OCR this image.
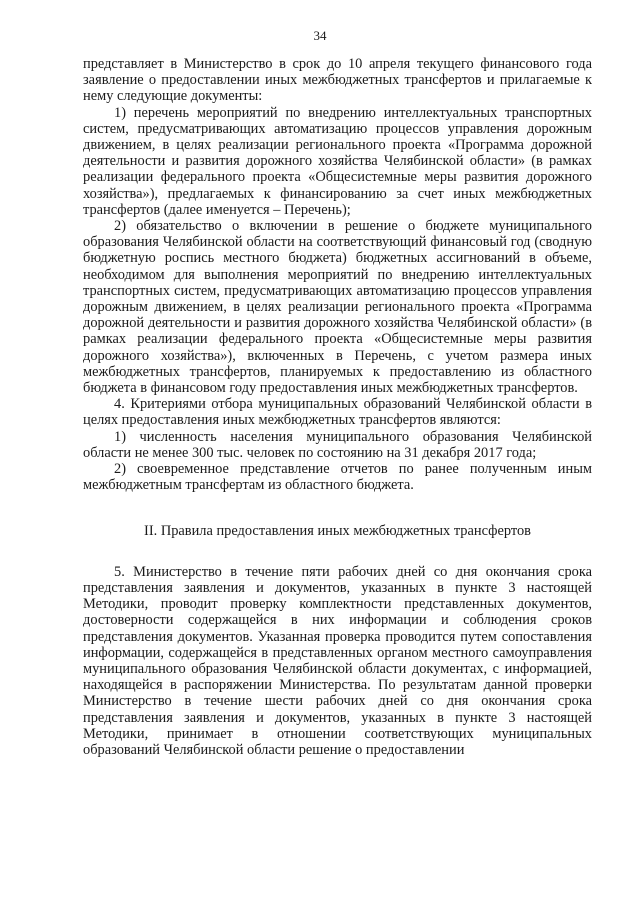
34

представляет в Министерство в срок до 10 апреля текущего финансового года заявление о предоставлении иных межбюджетных трансфертов и прилагаемые к нему следующие документы:

1) перечень мероприятий по внедрению интеллектуальных транспортных систем, предусматривающих автоматизацию процессов управления дорожным движением, в целях реализации регионального проекта «Программа дорожной деятельности и развития дорожного хозяйства Челябинской области» (в рамках реализации федерального проекта «Общесистемные меры развития дорожного хозяйства»), предлагаемых к финансированию за счет иных межбюджетных трансфертов (далее именуется – Перечень);

2) обязательство о включении в решение о бюджете муниципального образования Челябинской области на соответствующий финансовый год (сводную бюджетную роспись местного бюджета) бюджетных ассигнований в объеме, необходимом для выполнения мероприятий по внедрению интеллектуальных транспортных систем, предусматривающих автоматизацию процессов управления дорожным движением, в целях реализации регионального проекта «Программа дорожной деятельности и развития дорожного хозяйства Челябинской области» (в рамках реализации федерального проекта «Общесистемные меры развития дорожного хозяйства»), включенных в Перечень, с учетом размера иных межбюджетных трансфертов, планируемых к предоставлению из областного бюджета в финансовом году предоставления иных межбюджетных трансфертов.

4. Критериями отбора муниципальных образований Челябинской области в целях предоставления иных межбюджетных трансфертов являются:

1) численность населения муниципального образования Челябинской области не менее 300 тыс. человек по состоянию на 31 декабря 2017 года;

2) своевременное представление отчетов по ранее полученным иным межбюджетным трансфертам из областного бюджета.

II. Правила предоставления иных межбюджетных трансфертов

5. Министерство в течение пяти рабочих дней со дня окончания срока представления заявления и документов, указанных в пункте 3 настоящей Методики, проводит проверку комплектности представленных документов, достоверности содержащейся в них информации и соблюдения сроков представления документов. Указанная проверка проводится путем сопоставления информации, содержащейся в представленных органом местного самоуправления муниципального образования Челябинской области документах, с информацией, находящейся в распоряжении Министерства. По результатам данной проверки Министерство в течение шести рабочих дней со дня окончания срока представления заявления и документов, указанных в пункте 3 настоящей Методики, принимает в отношении соответствующих муниципальных образований Челябинской области решение о предоставлении
